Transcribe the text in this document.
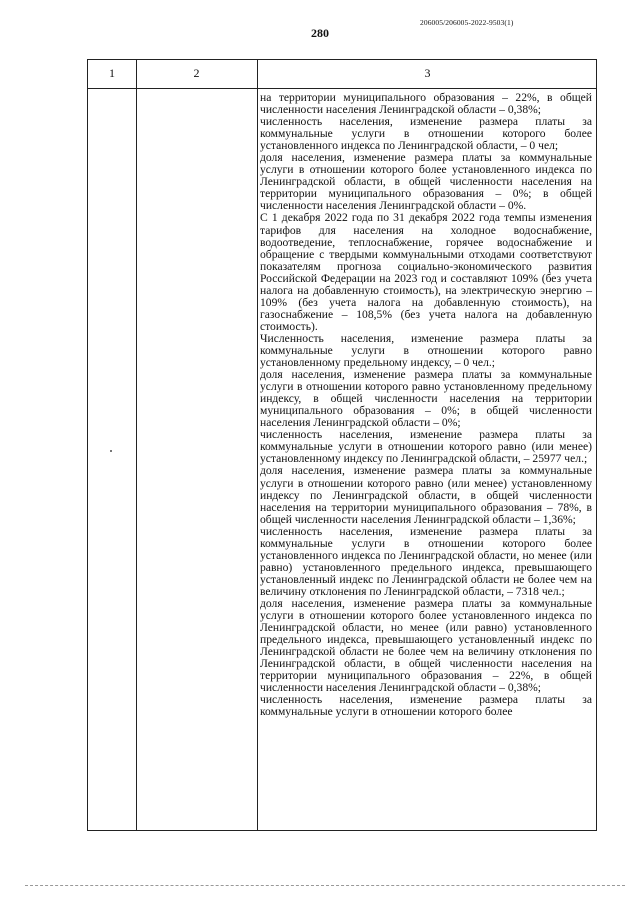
280
206005/206005-2022-9503(1)
1	2	3

на территории муниципального образования – 22%, в общей численности населения Ленинградской области – 0,38%;

численность населения, изменение размера платы за коммунальные услуги в отношении которого более установленного индекса по Ленинградской области, – 0 чел;

доля населения, изменение размера платы за коммунальные услуги в отношении которого более установленного индекса по Ленинградской области, в общей численности населения на территории муниципального образования – 0%; в общей численности населения Ленинградской области – 0%.

С 1 декабря 2022 года по 31 декабря 2022 года темпы изменения тарифов для населения на холодное водоснабжение, водоотведение, теплоснабжение, горячее водоснабжение и обращение с твердыми коммунальными отходами соответствуют показателям прогноза социально-экономического развития Российской Федерации на 2023 год и составляют 109% (без учета налога на добавленную стоимость), на электрическую энергию – 109% (без учета налога на добавленную стоимость), на газоснабжение – 108,5% (без учета налога на добавленную стоимость).

Численность населения, изменение размера платы за коммунальные услуги в отношении которого равно установленному предельному индексу, – 0 чел.;

доля населения, изменение размера платы за коммунальные услуги в отношении которого равно установленному предельному индексу, в общей численности населения на территории муниципального образования – 0%; в общей численности населения Ленинградской области – 0%;

численность населения, изменение размера платы за коммунальные услуги в отношении которого равно (или менее) установленному индексу по Ленинградской области, – 25977 чел.;

доля населения, изменение размера платы за коммунальные услуги в отношении которого равно (или менее) установленному индексу по Ленинградской области, в общей численности населения на территории муниципального образования – 78%, в общей численности населения Ленинградской области – 1,36%;

численность населения, изменение размера платы за коммунальные услуги в отношении которого более установленного индекса по Ленинградской области, но менее (или равно) установленного предельного индекса, превышающего установленный индекс по Ленинградской области не более чем на величину отклонения по Ленинградской области, – 7318 чел.;

доля населения, изменение размера платы за коммунальные услуги в отношении которого более установленного индекса по Ленинградской области, но менее (или равно) установленного предельного индекса, превышающего установленный индекс по Ленинградской области не более чем на величину отклонения по Ленинградской области, в общей численности населения на территории муниципального образования – 22%, в общей численности населения Ленинградской области – 0,38%;

численность населения, изменение размера платы за коммунальные услуги в отношении которого более
